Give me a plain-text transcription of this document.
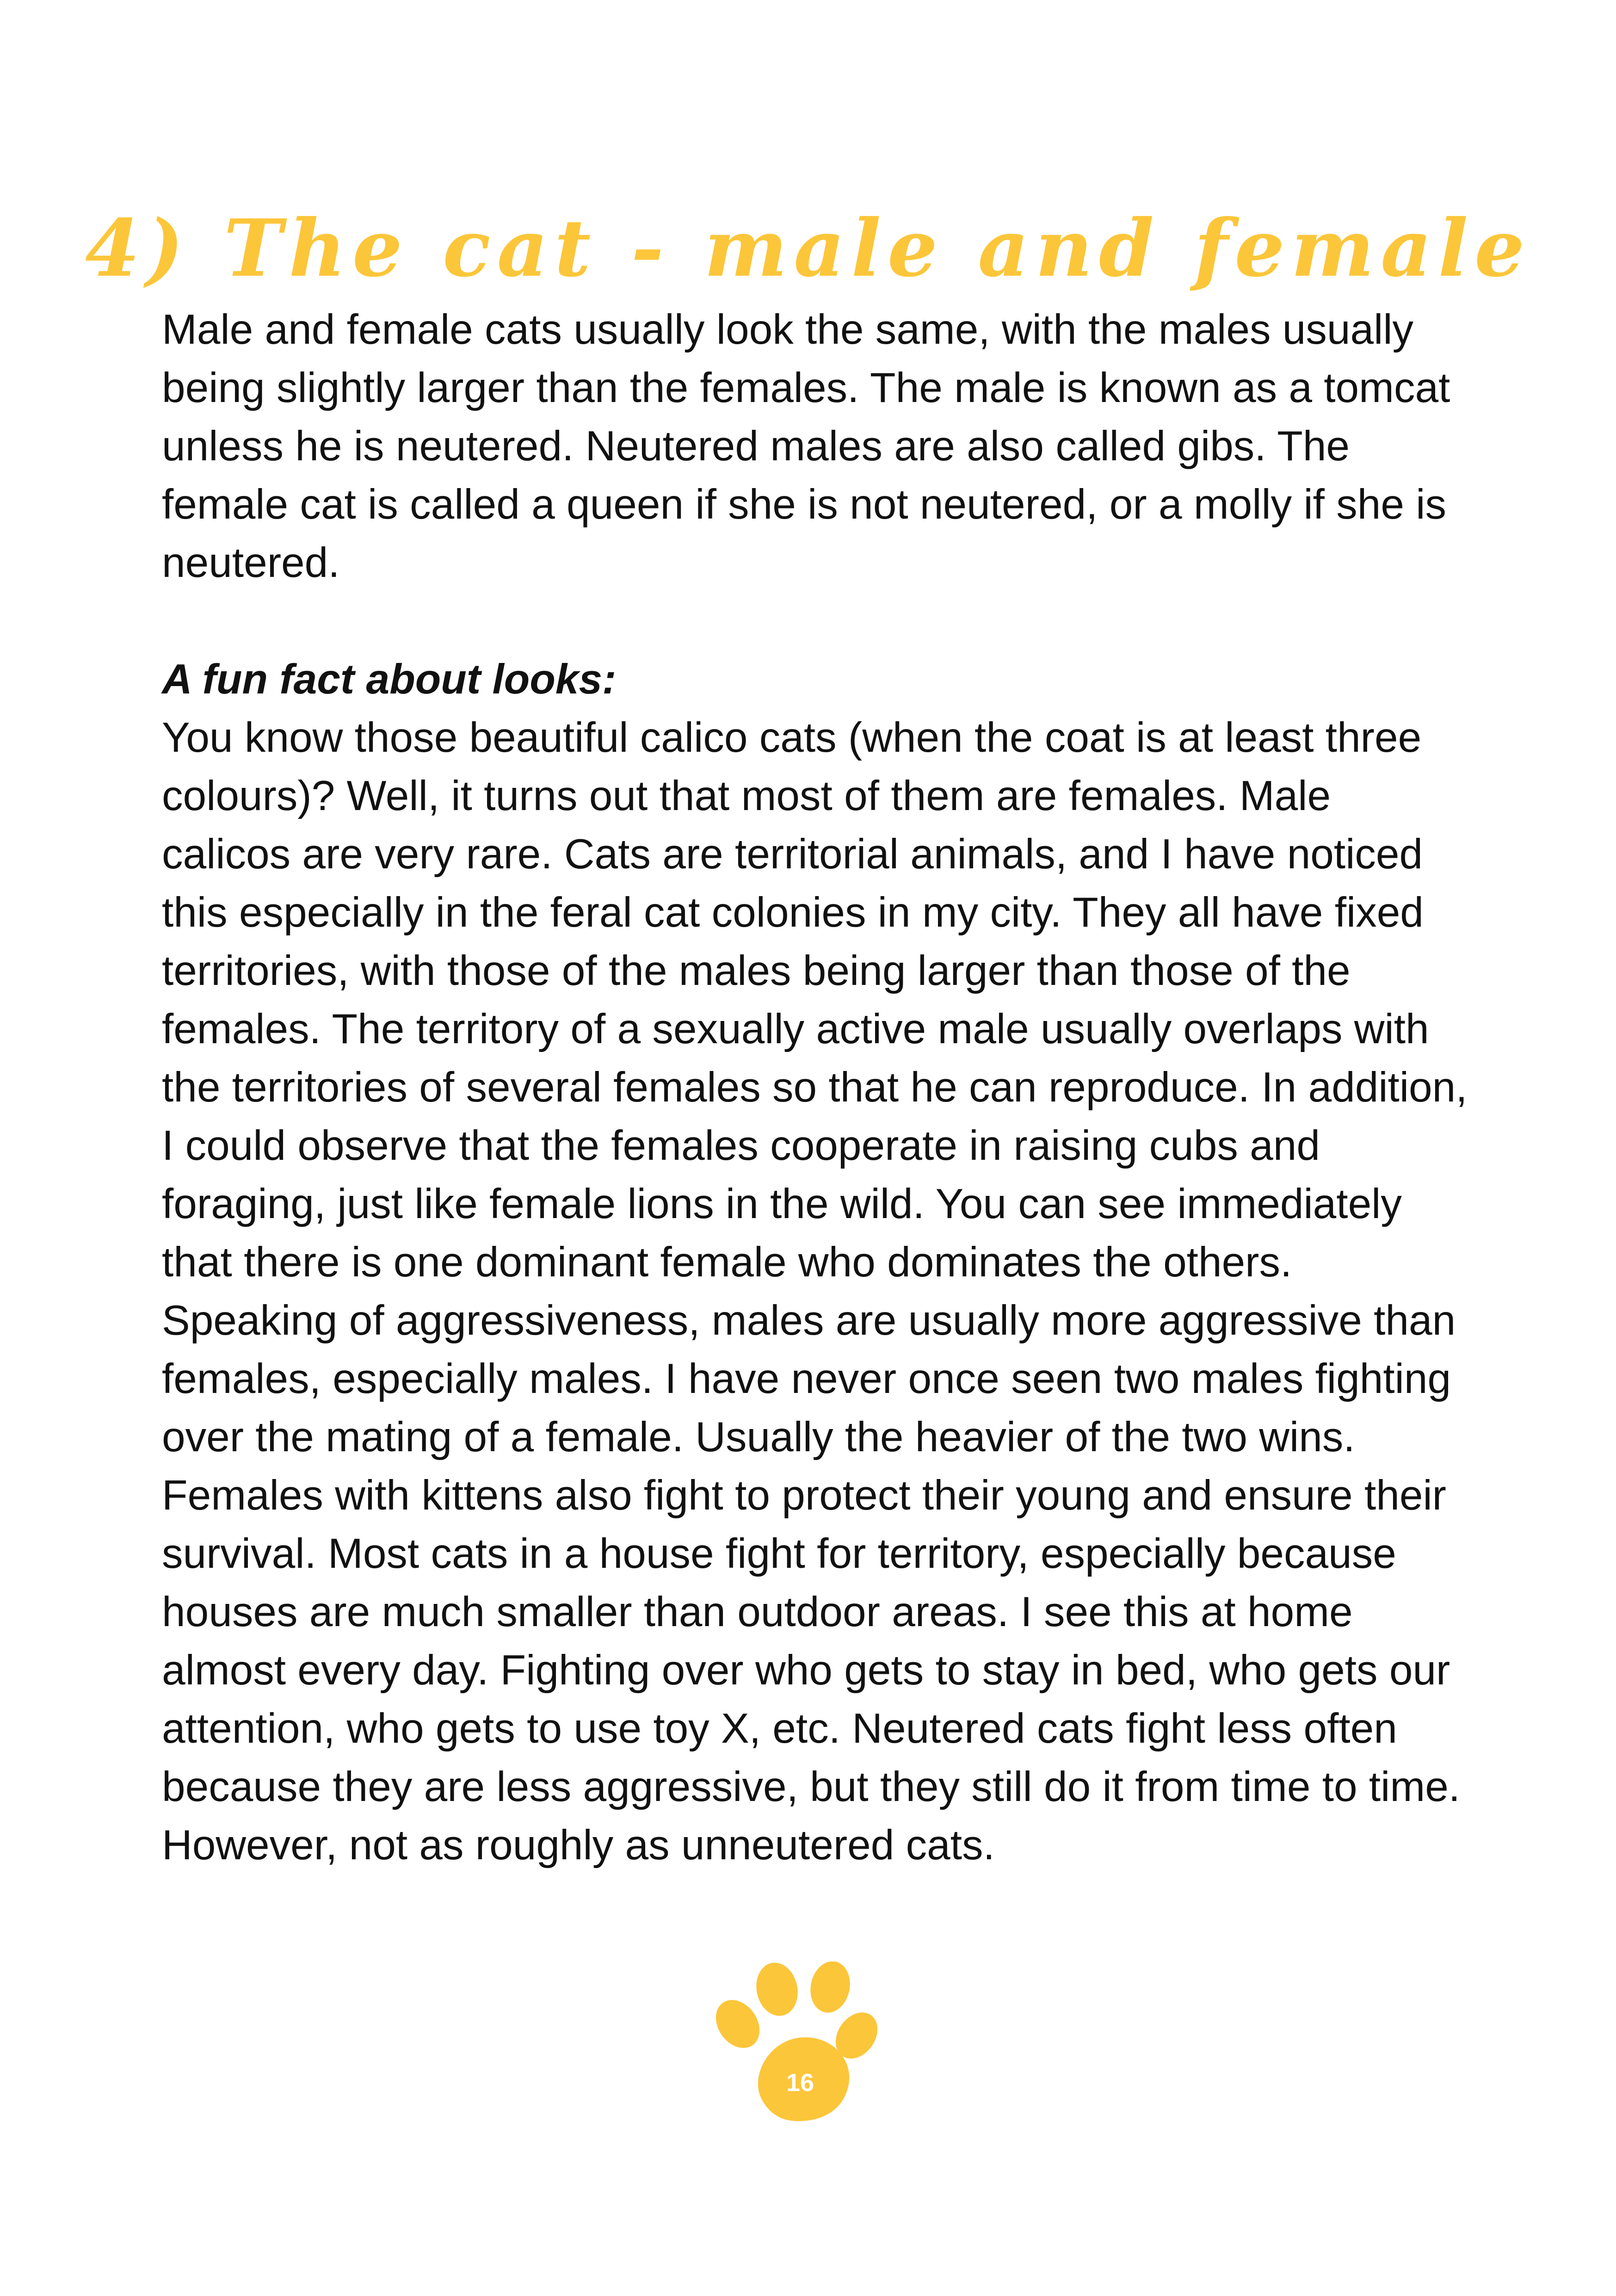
4) The cat - male and female

Male and female cats usually look the same, with the males usually being slightly larger than the females. The male is known as a tomcat unless he is neutered. Neutered males are also called gibs. The female cat is called a queen if she is not neutered, or a molly if she is neutered.

A fun fact about looks:

You know those beautiful calico cats (when the coat is at least three colours)? Well, it turns out that most of them are females. Male calicos are very rare. Cats are territorial animals, and I have noticed this especially in the feral cat colonies in my city. They all have fixed territories, with those of the males being larger than those of the females. The territory of a sexually active male usually overlaps with the territories of several females so that he can reproduce. In addition, I could observe that the females cooperate in raising cubs and foraging, just like female lions in the wild. You can see immediately that there is one dominant female who dominates the others. Speaking of aggressiveness, males are usually more aggressive than females, especially males. I have never once seen two males fighting over the mating of a female. Usually the heavier of the two wins. Females with kittens also fight to protect their young and ensure their survival. Most cats in a house fight for territory, especially because houses are much smaller than outdoor areas. I see this at home almost every day. Fighting over who gets to stay in bed, who gets our attention, who gets to use toy X, etc. Neutered cats fight less often because they are less aggressive, but they still do it from time to time. However, not as roughly as unneutered cats.

16
